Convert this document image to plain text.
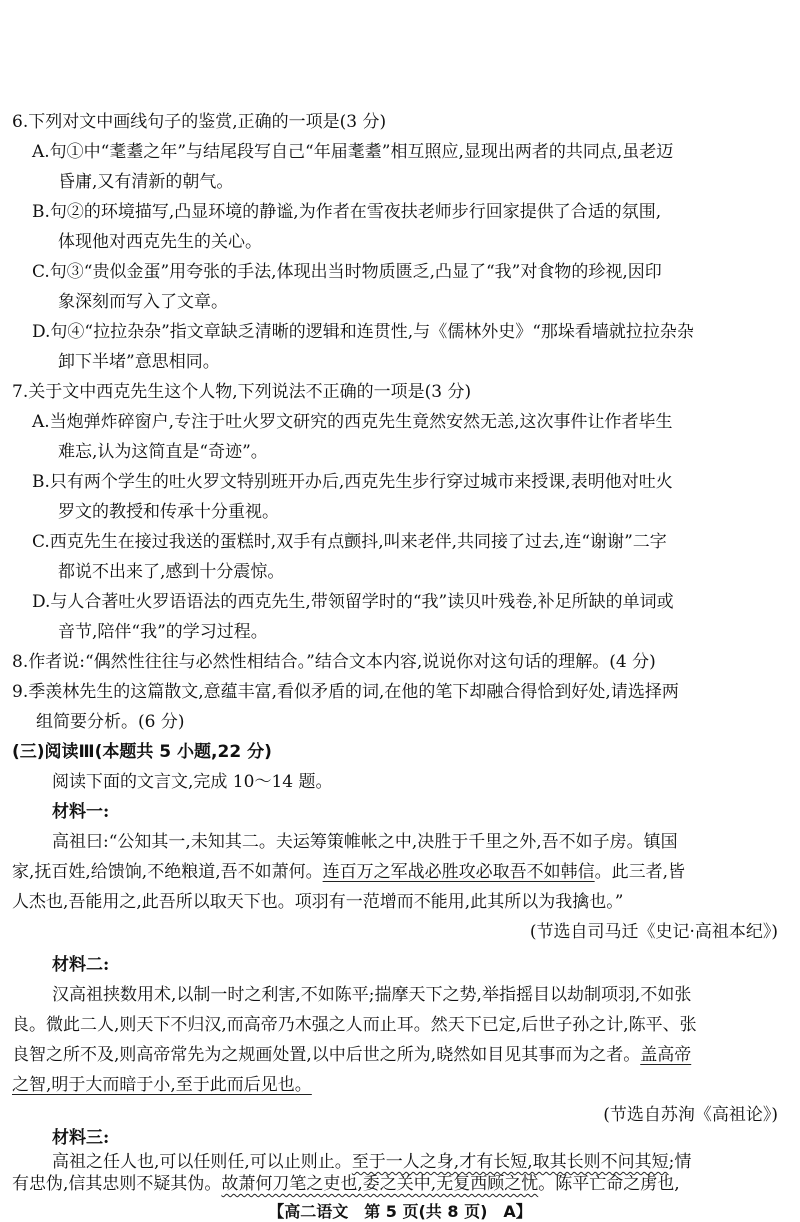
6.下列对文中画线句子的鉴赏,正确的一项是(3 分)
A.句①中“耄耋之年”与结尾段写自己“年届耄耋”相互照应,显现出两者的共同点,虽老迈
昏庸,又有清新的朝气。
B.句②的环境描写,凸显环境的静谧,为作者在雪夜扶老师步行回家提供了合适的氛围,
体现他对西克先生的关心。
C.句③“贵似金蛋”用夸张的手法,体现出当时物质匮乏,凸显了“我”对食物的珍视,因印
象深刻而写入了文章。
D.句④“拉拉杂杂”指文章缺乏清晰的逻辑和连贯性,与《儒林外史》“那垛看墙就拉拉杂杂
卸下半堵”意思相同。
7.关于文中西克先生这个人物,下列说法不正确的一项是(3 分)
A.当炮弹炸碎窗户,专注于吐火罗文研究的西克先生竟然安然无恙,这次事件让作者毕生
难忘,认为这简直是“奇迹”。
B.只有两个学生的吐火罗文特别班开办后,西克先生步行穿过城市来授课,表明他对吐火
罗文的教授和传承十分重视。
C.西克先生在接过我送的蛋糕时,双手有点颤抖,叫来老伴,共同接了过去,连“谢谢”二字
都说不出来了,感到十分震惊。
D.与人合著吐火罗语语法的西克先生,带领留学时的“我”读贝叶残卷,补足所缺的单词或
音节,陪伴“我”的学习过程。
8.作者说:“偶然性往往与必然性相结合。”结合文本内容,说说你对这句话的理解。(4 分)
9.季羡林先生的这篇散文,意蕴丰富,看似矛盾的词,在他的笔下却融合得恰到好处,请选择两
组简要分析。(6 分)
(三)阅读Ⅲ(本题共 5 小题,22 分)
阅读下面的文言文,完成 10～14 题。
材料一:
高祖曰:“公知其一,未知其二。夫运筹策帷帐之中,决胜于千里之外,吾不如子房。镇国
家,抚百姓,给馈饷,不绝粮道,吾不如萧何。连百万之军战必胜攻必取吾不如韩信。此三者,皆
人杰也,吾能用之,此吾所以取天下也。项羽有一范增而不能用,此其所以为我擒也。”
(节选自司马迁《史记·高祖本纪》)
材料二:
汉高祖挟数用术,以制一时之利害,不如陈平;揣摩天下之势,举指摇目以劫制项羽,不如张
良。微此二人,则天下不归汉,而高帝乃木强之人而止耳。然天下已定,后世子孙之计,陈平、张
良智之所不及,则高帝常先为之规画处置,以中后世之所为,晓然如目见其事而为之者。盖高帝
之智,明于大而暗于小,至于此而后见也。
(节选自苏洵《高祖论》)
材料三:
高祖之任人也,可以任则任,可以止则止。至于一人之身,才有长短,取其长则不问其短;情
有忠伪,信其忠则不疑其伪。故萧何刀笔之吏也,委之关中,无复西顾之忧。陈平亡命之虏也,
【高二语文　第 5 页(共 8 页)　A】
